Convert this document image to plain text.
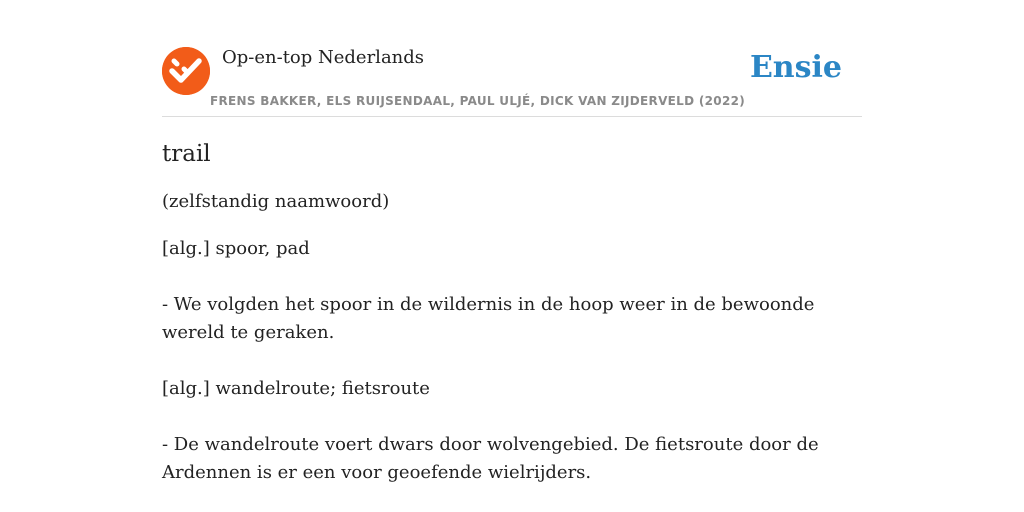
Op-en-top Nederlands
FRENS BAKKER, ELS RUIJSENDAAL, PAUL ULJÉ, DICK VAN ZIJDERVELD (2022)
Ensie
trail
(zelfstandig naamwoord)
[alg.] spoor, pad
- We volgden het spoor in de wildernis in de hoop weer in de bewoonde wereld te geraken.
[alg.] wandelroute; fietsroute
- De wandelroute voert dwars door wolvengebied. De fietsroute door de Ardennen is er een voor geoefende wielrijders.
